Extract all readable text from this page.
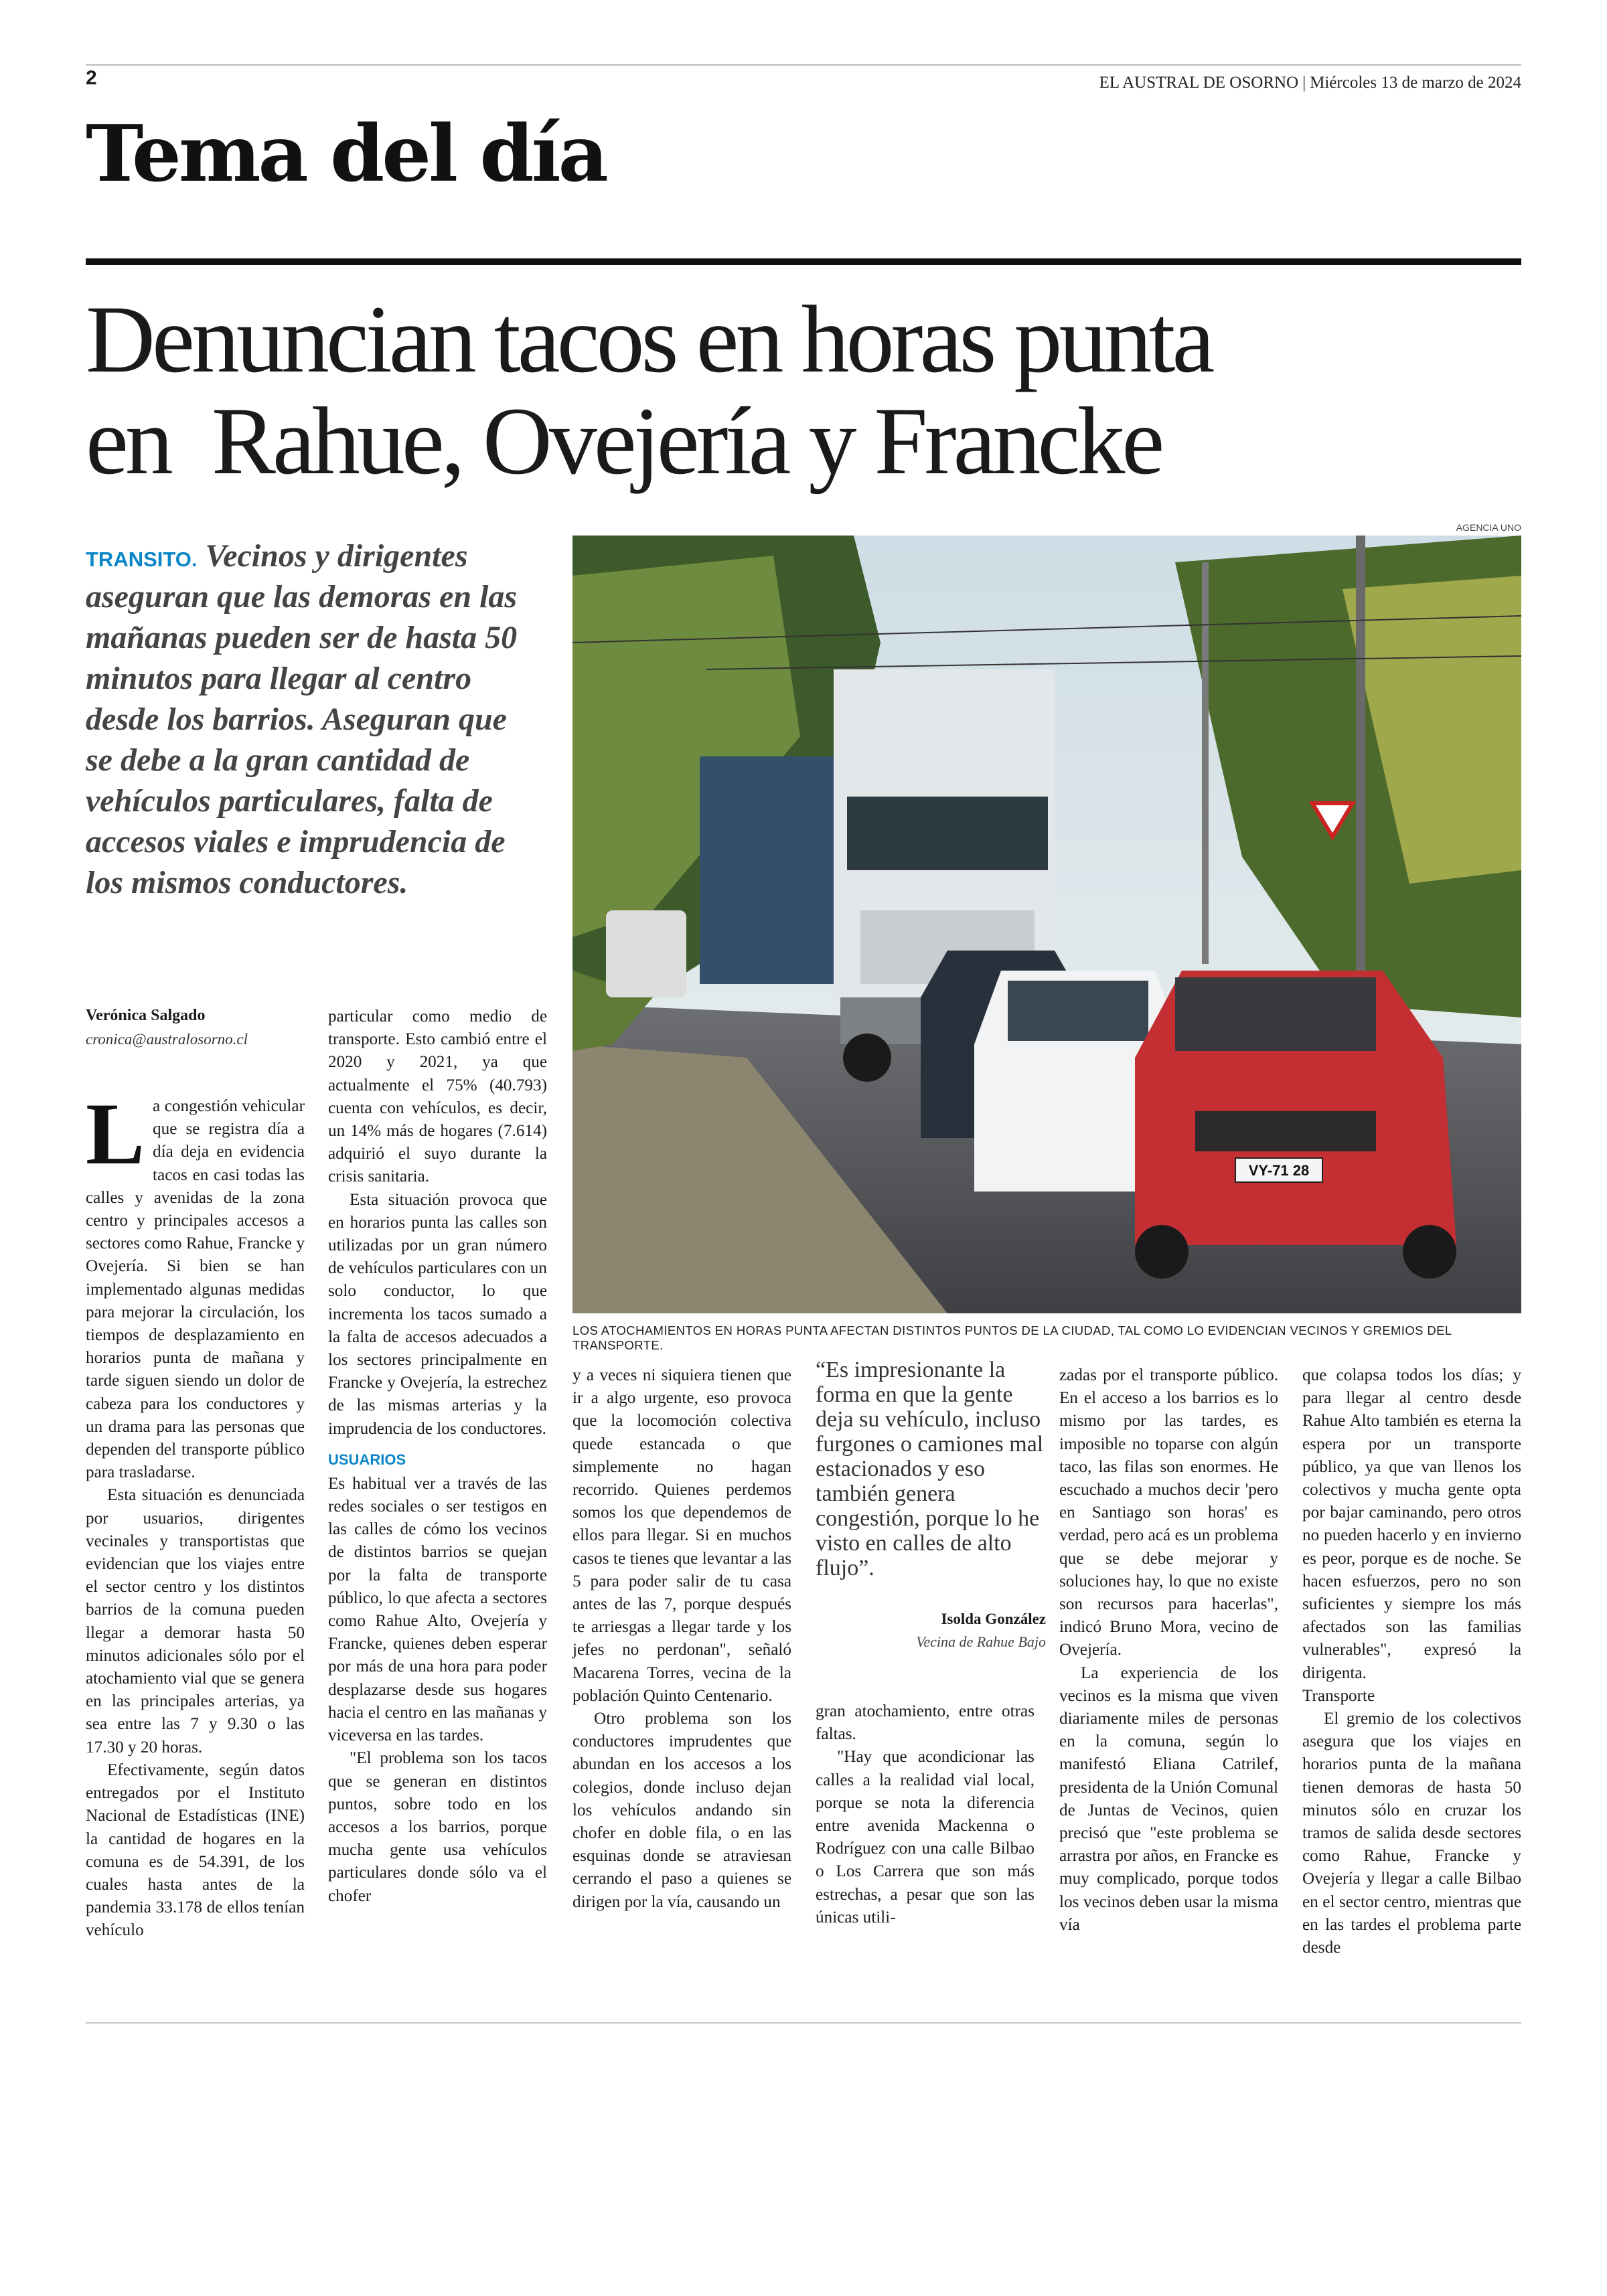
2	EL AUSTRAL DE OSORNO | Miércoles 13 de marzo de 2024
Tema del día
Denuncian tacos en horas punta
en  Rahue, Ovejería y Francke

TRANSITO. Vecinos y dirigentes aseguran que las demoras en las mañanas pueden ser de hasta 50 minutos para llegar al centro desde los barrios. Aseguran que se debe a la gran cantidad de vehículos particulares, falta de accesos viales e imprudencia de los mismos conductores.

AGENCIA UNO
VY-71 28
LOS ATOCHAMIENTOS EN HORAS PUNTA AFECTAN DISTINTOS PUNTOS DE LA CIUDAD, TAL COMO LO EVIDENCIAN VECINOS Y GREMIOS DEL TRANSPORTE.
Verónica Salgado
cronica@australosorno.cl

La congestión vehicular que se registra día a día deja en evidencia tacos en casi todas las calles y avenidas de la zona centro y principales accesos a sectores como Rahue, Francke y Ovejería. Si bien se han implementado algunas medidas para mejorar la circulación, los tiempos de desplazamiento en horarios punta de mañana y tarde siguen siendo un dolor de cabeza para los conductores y un drama para las personas que dependen del transporte público para trasladarse.

Esta situación es denunciada por usuarios, dirigentes vecinales y transportistas que evidencian que los viajes entre el sector centro y los distintos barrios de la comuna pueden llegar a demorar hasta 50 minutos adicionales sólo por el atochamiento vial que se genera en las principales arterias, ya sea entre las 7 y 9.30 o las 17.30 y 20 horas.

Efectivamente, según datos entregados por el Instituto Nacional de Estadísticas (INE) la cantidad de hogares en la comuna es de 54.391, de los cuales hasta antes de la pandemia 33.178 de ellos tenían vehículo

particular como medio de transporte. Esto cambió entre el 2020 y 2021, ya que actualmente el 75% (40.793) cuenta con vehículos, es decir, un 14% más de hogares (7.614) adquirió el suyo durante la crisis sanitaria.

Esta situación provoca que en horarios punta las calles son utilizadas por un gran número de vehículos particulares con un solo conductor, lo que incrementa los tacos sumado a la falta de accesos adecuados a los sectores principalmente en Francke y Ovejería, la estrechez de las mismas arterias y la imprudencia de los conductores.

USUARIOS

Es habitual ver a través de las redes sociales o ser testigos en las calles de cómo los vecinos de distintos barrios se quejan por la falta de transporte público, lo que afecta a sectores como Rahue Alto, Ovejería y Francke, quienes deben esperar por más de una hora para poder desplazarse desde sus hogares hacia el centro en las mañanas y viceversa en las tardes.

"El problema son los tacos que se generan en distintos puntos, sobre todo en los accesos a los barrios, porque mucha gente usa vehículos particulares donde sólo va el chofer

y a veces ni siquiera tienen que ir a algo urgente, eso provoca que la locomoción colectiva quede estancada o que simplemente no hagan recorrido. Quienes perdemos somos los que dependemos de ellos para llegar. Si en muchos casos te tienes que levantar a las 5 para poder salir de tu casa antes de las 7, porque después te arriesgas a llegar tarde y los jefes no perdonan", señaló Macarena Torres, vecina de la población Quinto Centenario.

Otro problema son los conductores imprudentes que abundan en los accesos a los colegios, donde incluso dejan los vehículos andando sin chofer en doble fila, o en las esquinas donde se atraviesan cerrando el paso a quienes se dirigen por la vía, causando un

“Es impresionante la forma en que la gente deja su vehículo, incluso furgones o camiones mal estacionados y eso también genera congestión, porque lo he visto en calles de alto flujo”.

Isolda González
Vecina de Rahue Bajo

gran atochamiento, entre otras faltas.

"Hay que acondicionar las calles a la realidad vial local, porque se nota la diferencia entre avenida Mackenna o Rodríguez con una calle Bilbao o Los Carrera que son más estrechas, a pesar que son las únicas utili-

zadas por el transporte público. En el acceso a los barrios es lo mismo por las tardes, es imposible no toparse con algún taco, las filas son enormes. He escuchado a muchos decir 'pero en Santiago son horas' es verdad, pero acá es un problema que se debe mejorar y soluciones hay, lo que no existe son recursos para hacerlas", indicó Bruno Mora, vecino de Ovejería.

La experiencia de los vecinos es la misma que viven diariamente miles de personas en la comuna, según lo manifestó Eliana Catrilef, presidenta de la Unión Comunal de Juntas de Vecinos, quien precisó que "este problema se arrastra por años, en Francke es muy complicado, porque todos los vecinos deben usar la misma vía

que colapsa todos los días; y para llegar al centro desde Rahue Alto también es eterna la espera por un transporte público, ya que van llenos los colectivos y mucha gente opta por bajar caminando, pero otros no pueden hacerlo y en invierno es peor, porque es de noche. Se hacen esfuerzos, pero no son suficientes y siempre los más afectados son las familias vulnerables", expresó la dirigenta.

Transporte

El gremio de los colectivos asegura que los viajes en horarios punta de la mañana tienen demoras de hasta 50 minutos sólo en cruzar los tramos de salida desde sectores como Rahue, Francke y Ovejería y llegar a calle Bilbao en el sector centro, mientras que en las tardes el problema parte desde
